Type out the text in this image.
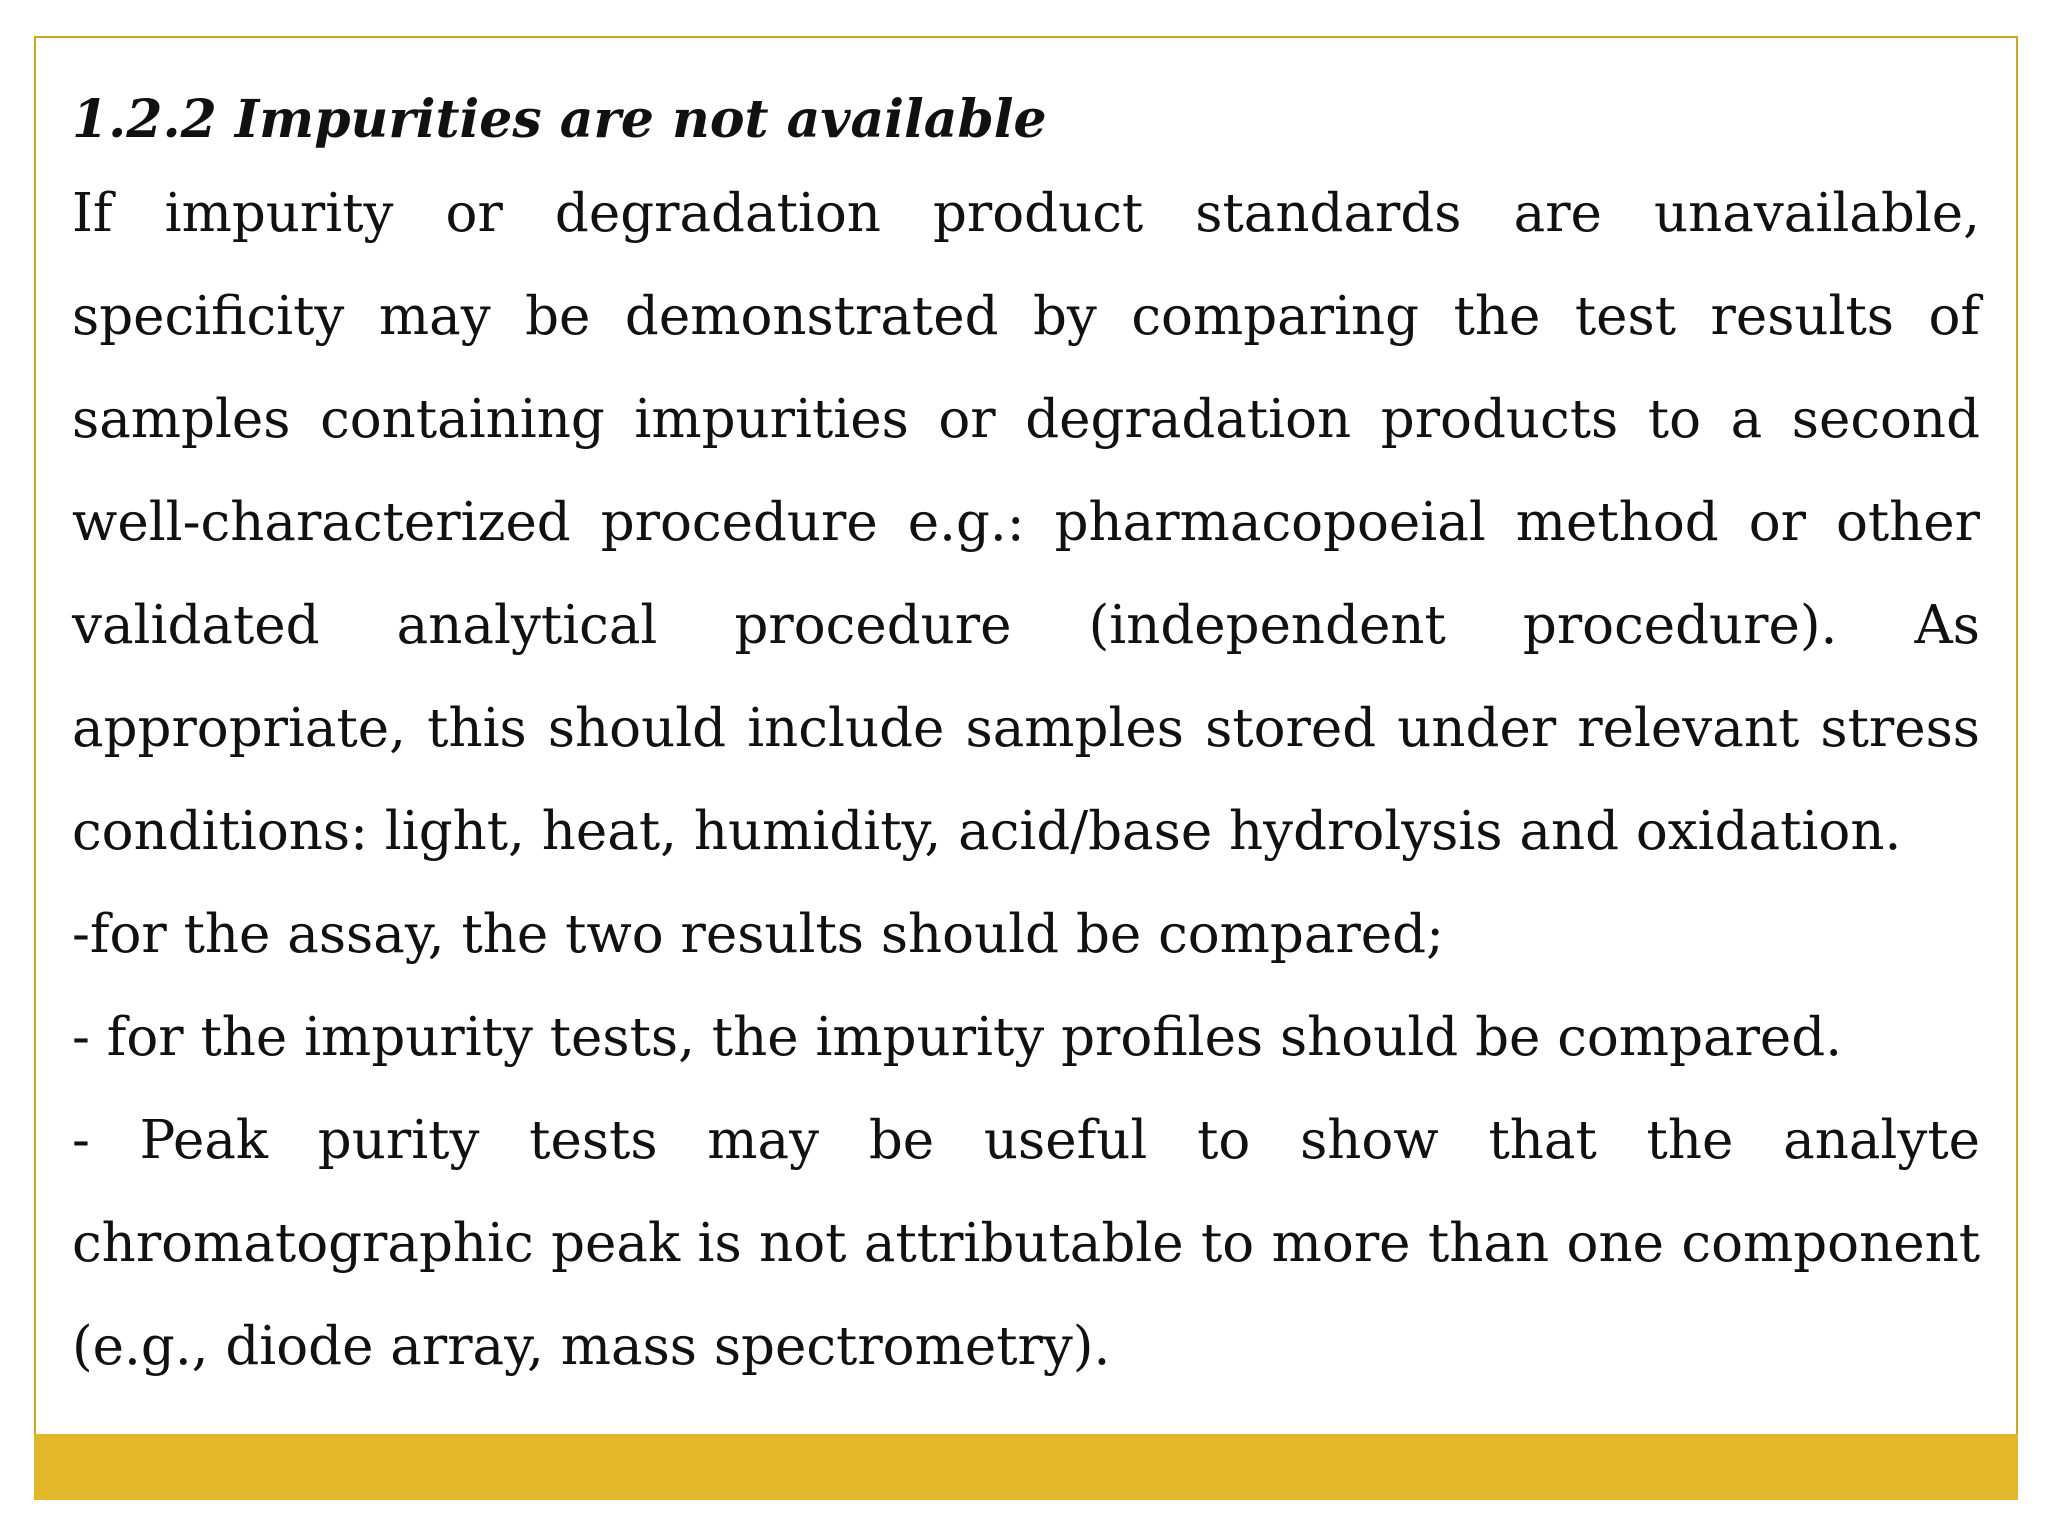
1.2.2 Impurities are not available

If impurity or degradation product standards are unavailable, specificity may be demonstrated by comparing the test results of samples containing impurities or degradation products to a second well-characterized procedure e.g.: pharmacopoeial method or other validated analytical procedure (independent procedure). As appropriate, this should include samples stored under relevant stress conditions: light, heat, humidity, acid/base hydrolysis and oxidation.

-for the assay, the two results should be compared;

- for the impurity tests, the impurity profiles should be compared.

- Peak purity tests may be useful to show that the analyte chromatographic peak is not attributable to more than one component (e.g., diode array, mass spectrometry).
